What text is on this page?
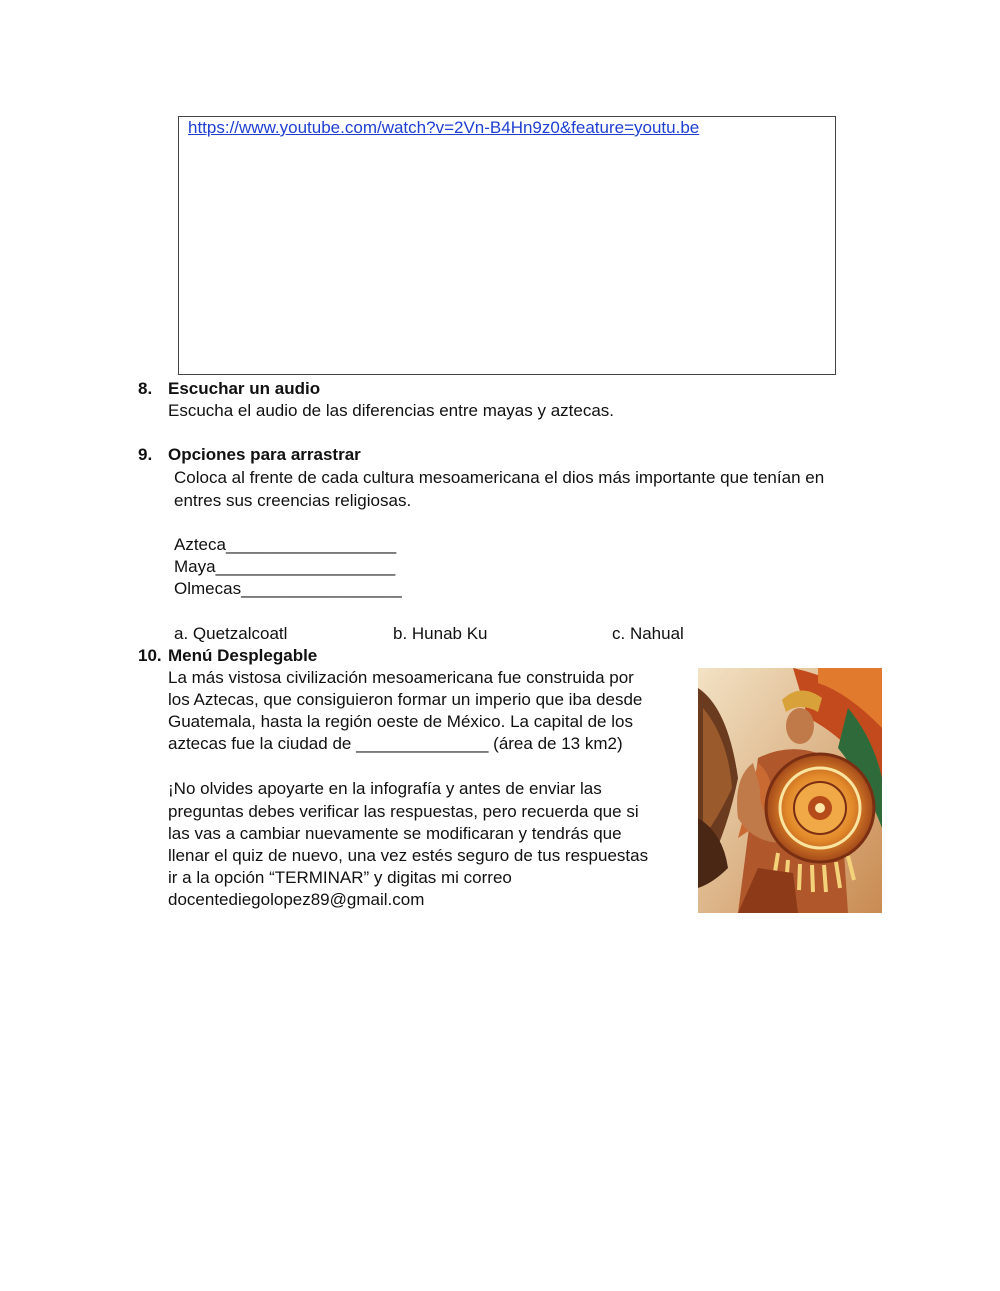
https://www.youtube.com/watch?v=2Vn-B4Hn9z0&feature=youtu.be
8. Escuchar un audio
Escucha el audio de las diferencias entre mayas y aztecas.
9. Opciones para arrastrar
Coloca al frente de cada cultura mesoamericana el dios más importante que tenían en
entres sus creencias religiosas.
Azteca__________________
Maya___________________
Olmecas_________________
a. Quetzalcoatl	b. Hunab Ku	c. Nahual
10. Menú Desplegable
La más vistosa civilización mesoamericana fue construida por
los Aztecas, que consiguieron formar un imperio que iba desde
Guatemala, hasta la región oeste de México. La capital de los
aztecas fue la ciudad de ______________ (área de 13 km2)
¡No olvides apoyarte en la infografía y antes de enviar las
preguntas debes verificar las respuestas, pero recuerda que si
las vas a cambiar nuevamente se modificaran y tendrás que
llenar el quiz de nuevo, una vez estés seguro de tus respuestas
ir a la opción “TERMINAR” y digitas mi correo
docentediegolopez89@gmail.com
